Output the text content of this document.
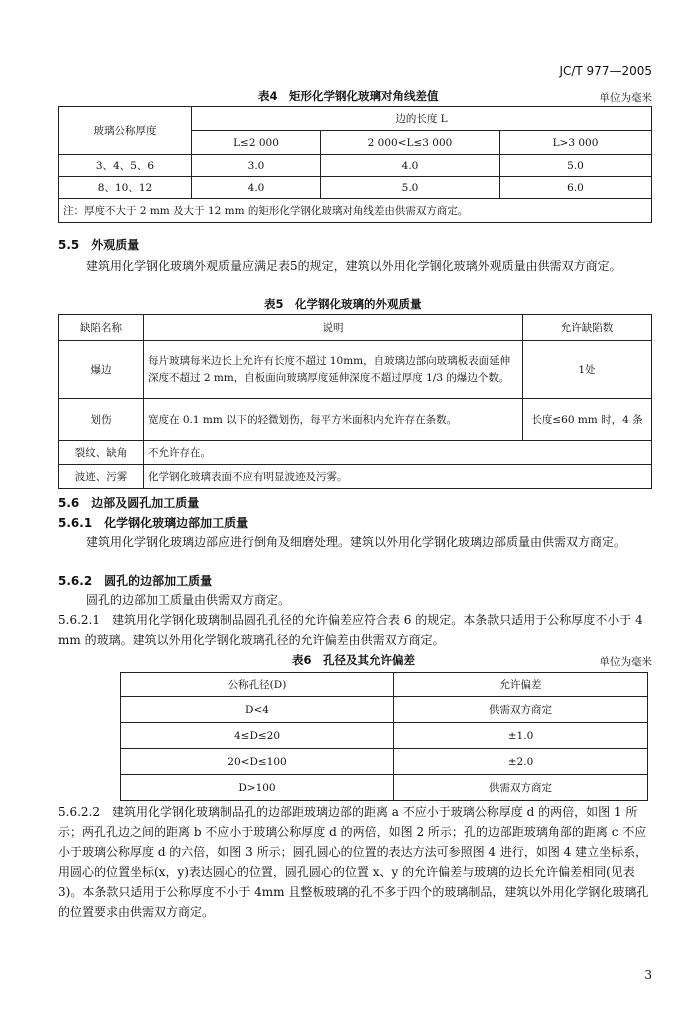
JC/T 977—2005
表4　矩形化学钢化玻璃对角线差值	单位为毫米
玻璃公称厚度	边的长度 L		
	L≤2 000	2 000<L≤3 000	L>3 000
3、4、5、6	3.0	4.0	5.0
8、10、12	4.0	5.0	6.0
注：厚度不大于 2 mm 及大于 12 mm 的矩形化学钢化玻璃对角线差由供需双方商定。			
5.5　外观质量
建筑用化学钢化玻璃外观质量应满足表5的规定，建筑以外用化学钢化玻璃外观质量由供需双方商定。
表5　化学钢化玻璃的外观质量
缺陷名称	说明	允许缺陷数
爆边	每片玻璃每米边长上允许有长度不超过 10mm，自玻璃边部向玻璃板表面延伸深度不超过 2 mm，自板面向玻璃厚度延伸深度不超过厚度 1/3 的爆边个数。	1处
划伤	宽度在 0.1 mm 以下的轻微划伤，每平方米面积内允许存在条数。	长度≤60 mm 时，4 条
裂纹、缺角	不允许存在。	
波迹、污雾	化学钢化玻璃表面不应有明显波迹及污雾。	
5.6　边部及圆孔加工质量
5.6.1　化学钢化玻璃边部加工质量
建筑用化学钢化玻璃边部应进行倒角及细磨处理。建筑以外用化学钢化玻璃边部质量由供需双方商定。
5.6.2　圆孔的边部加工质量
圆孔的边部加工质量由供需双方商定。
5.6.2.1　建筑用化学钢化玻璃制品圆孔孔径的允许偏差应符合表 6 的规定。本条款只适用于公称厚度不小于 4 mm 的玻璃。建筑以外用化学钢化玻璃孔径的允许偏差由供需双方商定。
表6　孔径及其允许偏差	单位为毫米
公称孔径(D)	允许偏差
D<4	供需双方商定
4≤D≤20	±1.0
20<D≤100	±2.0
D>100	供需双方商定
5.6.2.2　建筑用化学钢化玻璃制品孔的边部距玻璃边部的距离 a 不应小于玻璃公称厚度 d 的两倍，如图 1 所示；两孔孔边之间的距离 b 不应小于玻璃公称厚度 d 的两倍，如图 2 所示；孔的边部距玻璃角部的距离 c 不应小于玻璃公称厚度 d 的六倍，如图 3 所示；圆孔圆心的位置的表达方法可参照图 4 进行，如图 4 建立坐标系，用圆心的位置坐标(x，y)表达圆心的位置，圆孔圆心的位置 x、y 的允许偏差与玻璃的边长允许偏差相同(见表 3)。本条款只适用于公称厚度不小于 4mm 且整板玻璃的孔不多于四个的玻璃制品，建筑以外用化学钢化玻璃孔的位置要求由供需双方商定。
3
